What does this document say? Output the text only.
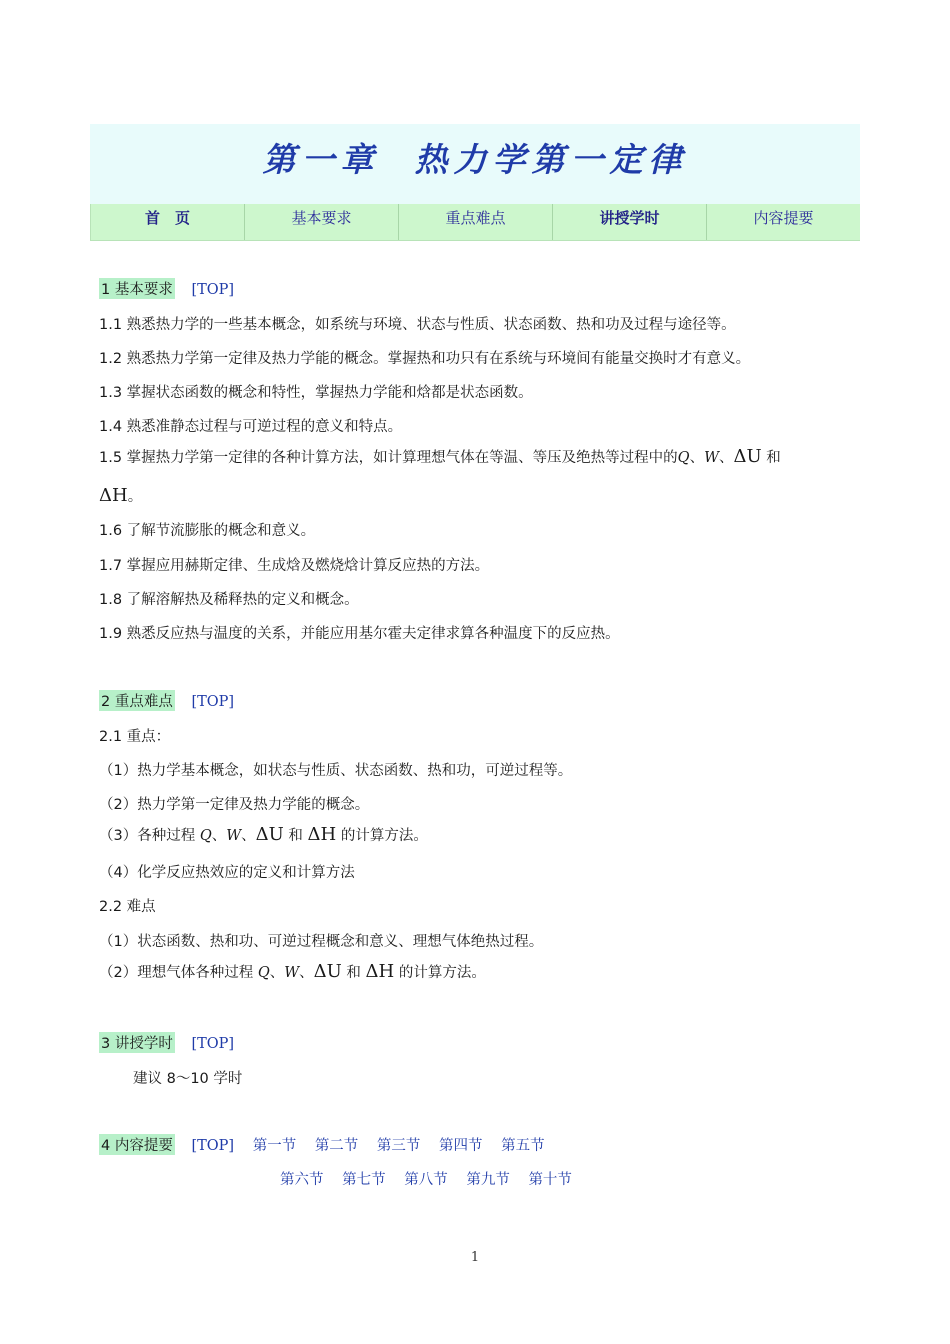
第一章  热力学第一定律
首　页	基本要求	重点难点	讲授学时	内容提要
1 基本要求 [TOP]
1.1 熟悉热力学的一些基本概念，如系统与环境、状态与性质、状态函数、热和功及过程与途径等。
1.2 熟悉热力学第一定律及热力学能的概念。掌握热和功只有在系统与环境间有能量交换时才有意义。
1.3 掌握状态函数的概念和特性，掌握热力学能和焓都是状态函数。
1.4 熟悉准静态过程与可逆过程的意义和特点。
1.5 掌握热力学第一定律的各种计算方法，如计算理想气体在等温、等压及绝热等过程中的Q、W、ΔU 和
ΔH。
1.6 了解节流膨胀的概念和意义。
1.7 掌握应用赫斯定律、生成焓及燃烧焓计算反应热的方法。
1.8 了解溶解热及稀释热的定义和概念。
1.9 熟悉反应热与温度的关系，并能应用基尔霍夫定律求算各种温度下的反应热。
2 重点难点 [TOP]
2.1 重点：
（1）热力学基本概念，如状态与性质、状态函数、热和功，可逆过程等。
（2）热力学第一定律及热力学能的概念。
（3）各种过程 Q、W、ΔU 和 ΔH 的计算方法。
（4）化学反应热效应的定义和计算方法
2.2 难点
（1）状态函数、热和功、可逆过程概念和意义、理想气体绝热过程。
（2）理想气体各种过程 Q、W、ΔU 和 ΔH 的计算方法。
3 讲授学时 [TOP]
建议 8～10 学时
4 内容提要 [TOP] 第一节 第二节 第三节 第四节 第五节
第六节 第七节 第八节 第九节 第十节
1
